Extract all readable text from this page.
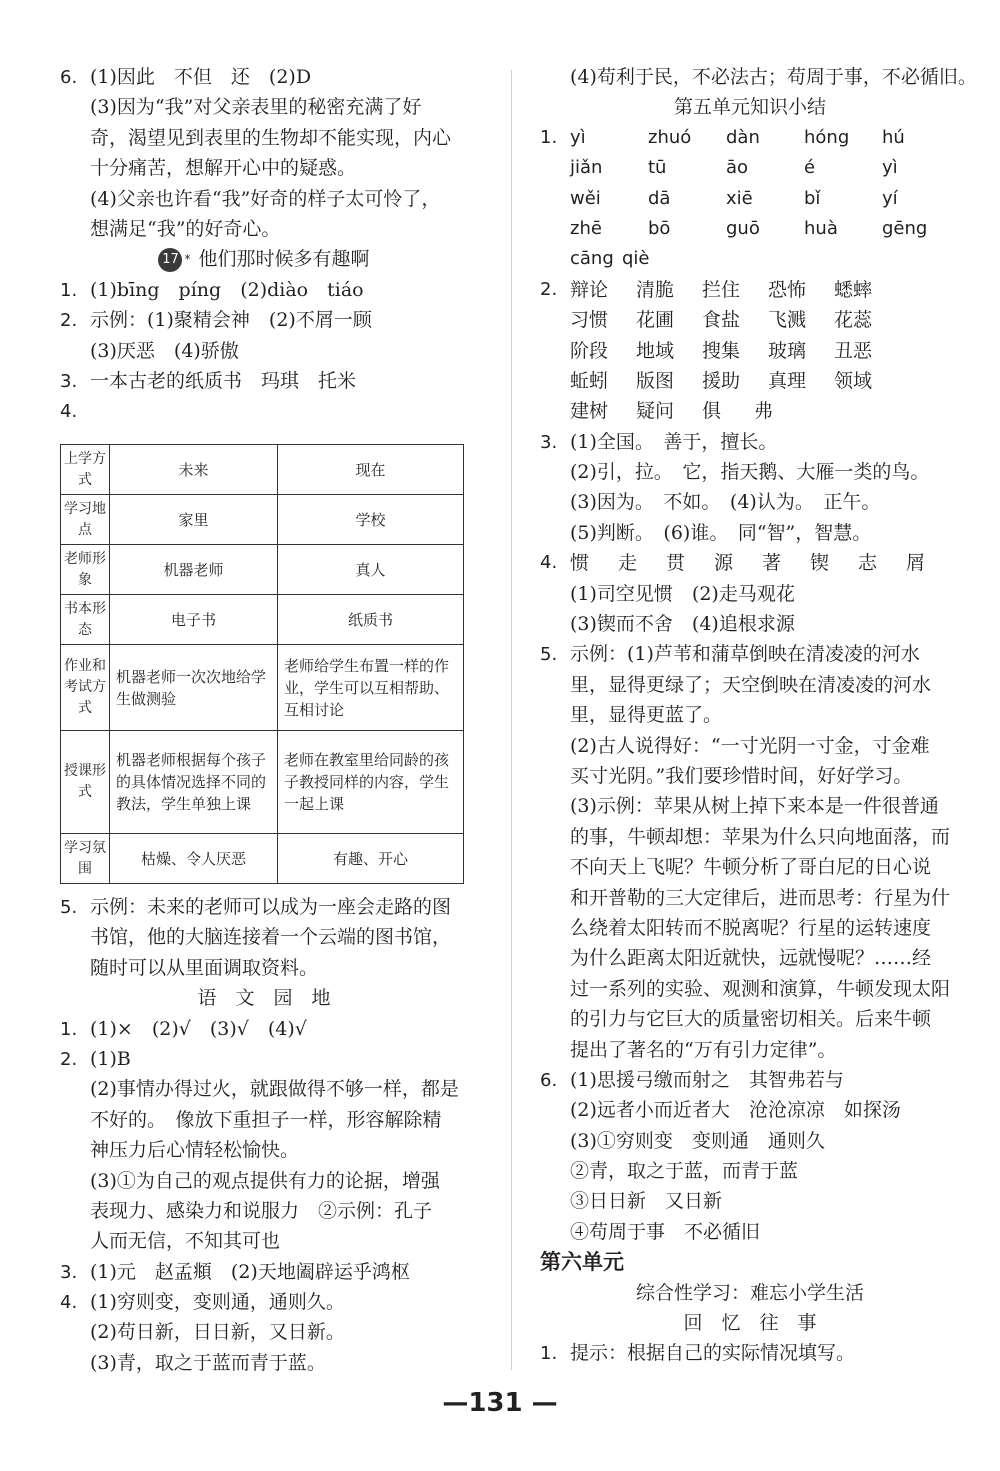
6. (1)因此　不但　还　(2)D
(3)因为“我”对父亲表里的秘密充满了好
奇，渴望见到表里的生物却不能实现，内心
十分痛苦，想解开心中的疑惑。
(4)父亲也许看“我”好奇的样子太可怜了，
想满足“我”的好奇心。
17 * 他们那时候多有趣啊
1. (1)bīng　píng　(2)diào　tiáo
2. 示例：(1)聚精会神　(2)不屑一顾
(3)厌恶　(4)骄傲
3. 一本古老的纸质书　玛琪　托米
4.
上学方式	未来	现在
学习地点	家里	学校
老师形象	机器老师	真人
书本形态	电子书	纸质书
作业和考试方式	机器老师一次次地给学生做测验	老师给学生布置一样的作业，学生可以互相帮助、互相讨论
授课形式	机器老师根据每个孩子的具体情况选择不同的教法，学生单独上课	老师在教室里给同龄的孩子教授同样的内容，学生一起上课
学习氛围	枯燥、令人厌恶	有趣、开心
5. 示例：未来的老师可以成为一座会走路的图
书馆，他的大脑连接着一个云端的图书馆，
随时可以从里面调取资料。
语　文　园　地
1. (1)×　(2)√　(3)√　(4)√
2. (1)B
(2)事情办得过火，就跟做得不够一样，都是
不好的。　像放下重担子一样，形容解除精
神压力后心情轻松愉快。
(3)①为自己的观点提供有力的论据，增强
表现力、感染力和说服力　②示例：孔子
人而无信，不知其可也
3. (1)元　赵孟頫　(2)天地阖辟运乎鸿枢
4. (1)穷则变，变则通，通则久。
(2)苟日新，日日新，又日新。
(3)青，取之于蓝而青于蓝。
(4)苟利于民，不必法古；苟周于事，不必循旧。
第五单元知识小结
1. yì	zhuó	dàn	hóng	hú
jiǎn	tū	āo	é	yì
wěi	dā	xiē	bǐ	yí
zhē	bō	guō	huà	gēng
cāng qiè
2. 辩论	清脆	拦住	恐怖	蟋蟀
习惯	花圃	食盐	飞溅	花蕊
阶段	地域	搜集	玻璃	丑恶
蚯蚓	版图	援助	真理	领域
建树	疑问	俱	弗
3. (1)全国。　善于，擅长。
(2)引，拉。　它，指天鹅、大雁一类的鸟。
(3)因为。　不如。　(4)认为。　正午。
(5)判断。　(6)谁。　同“智”，智慧。
4. 惯	走	贯	源	著	锲	志	屑
(1)司空见惯　(2)走马观花
(3)锲而不舍　(4)追根求源
5. 示例：(1)芦苇和蒲草倒映在清凌凌的河水
里，显得更绿了；天空倒映在清凌凌的河水
里，显得更蓝了。
(2)古人说得好：“一寸光阴一寸金，寸金难
买寸光阴。”我们要珍惜时间，好好学习。
(3)示例：苹果从树上掉下来本是一件很普通
的事，牛顿却想：苹果为什么只向地面落，而
不向天上飞呢？牛顿分析了哥白尼的日心说
和开普勒的三大定律后，进而思考：行星为什
么绕着太阳转而不脱离呢？行星的运转速度
为什么距离太阳近就快，远就慢呢？……经
过一系列的实验、观测和演算，牛顿发现太阳
的引力与它巨大的质量密切相关。后来牛顿
提出了著名的“万有引力定律”。
6. (1)思援弓缴而射之　其智弗若与
(2)远者小而近者大　沧沧凉凉　如探汤
(3)①穷则变　变则通　通则久
②青，取之于蓝，而青于蓝
③日日新　又日新
④苟周于事　不必循旧
第六单元
综合性学习：难忘小学生活
回　忆　往　事
1. 提示：根据自己的实际情况填写。
—131 —
